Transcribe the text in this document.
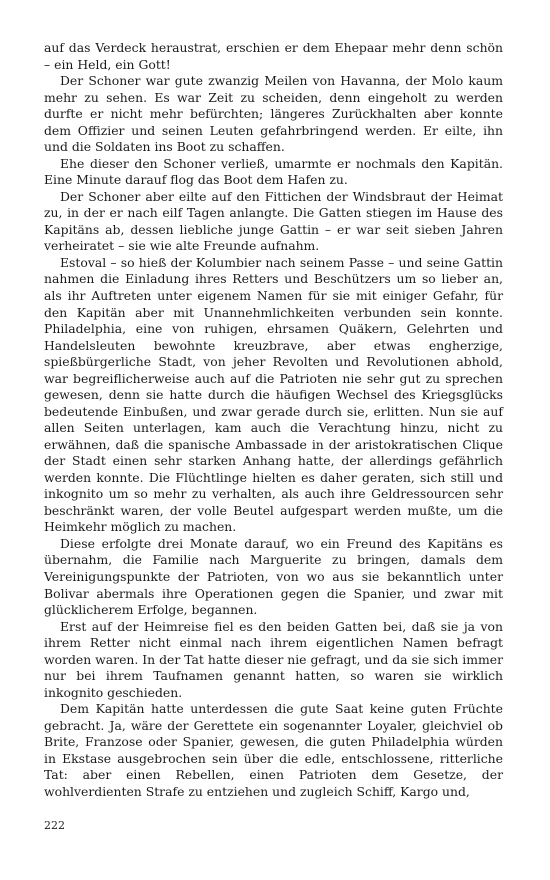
auf das Verdeck heraustrat, erschien er dem Ehepaar mehr denn schön – ein Held, ein Gott!

Der Schoner war gute zwanzig Meilen von Havanna, der Molo kaum mehr zu sehen. Es war Zeit zu scheiden, denn eingeholt zu werden durfte er nicht mehr befürchten; längeres Zurückhalten aber konnte dem Offizier und seinen Leuten gefahrbringend werden. Er eilte, ihn und die Soldaten ins Boot zu schaffen.

Ehe dieser den Schoner verließ, umarmte er nochmals den Kapitän. Eine Minute darauf flog das Boot dem Hafen zu.

Der Schoner aber eilte auf den Fittichen der Windsbraut der Heimat zu, in der er nach eilf Tagen anlangte. Die Gatten stiegen im Hause des Kapitäns ab, dessen liebliche junge Gattin – er war seit sieben Jahren verheiratet – sie wie alte Freunde aufnahm.

Estoval – so hieß der Kolumbier nach seinem Passe – und seine Gattin nahmen die Einladung ihres Retters und Beschützers um so lieber an, als ihr Auftreten unter eigenem Namen für sie mit einiger Gefahr, für den Kapitän aber mit Unannehmlichkeiten verbunden sein konnte. Philadelphia, eine von ruhigen, ehrsamen Quäkern, Gelehrten und Handelsleuten bewohnte kreuzbrave, aber etwas engherzige, spießbürgerliche Stadt, von jeher Revolten und Revolutionen abhold, war begreiflicherweise auch auf die Patrioten nie sehr gut zu sprechen gewesen, denn sie hatte durch die häufigen Wechsel des Kriegsglücks bedeutende Einbußen, und zwar gerade durch sie, erlitten. Nun sie auf allen Seiten unterlagen, kam auch die Verachtung hinzu, nicht zu erwähnen, daß die spanische Ambassade in der aristokratischen Clique der Stadt einen sehr starken Anhang hatte, der allerdings gefährlich werden konnte. Die Flüchtlinge hielten es daher geraten, sich still und inkognito um so mehr zu verhalten, als auch ihre Geldressourcen sehr beschränkt waren, der volle Beutel aufgespart werden mußte, um die Heimkehr möglich zu machen.

Diese erfolgte drei Monate darauf, wo ein Freund des Kapitäns es übernahm, die Familie nach Marguerite zu bringen, damals dem Vereinigungspunkte der Patrioten, von wo aus sie bekanntlich unter Bolivar abermals ihre Operationen gegen die Spanier, und zwar mit glücklicherem Erfolge, begannen.

Erst auf der Heimreise fiel es den beiden Gatten bei, daß sie ja von ihrem Retter nicht einmal nach ihrem eigentlichen Namen befragt worden waren. In der Tat hatte dieser nie gefragt, und da sie sich immer nur bei ihrem Taufnamen genannt hatten, so waren sie wirklich inkognito geschieden.

Dem Kapitän hatte unterdessen die gute Saat keine guten Früchte gebracht. Ja, wäre der Gerettete ein sogenannter Loyaler, gleichviel ob Brite, Franzose oder Spanier, gewesen, die guten Philadelphia würden in Ekstase ausgebrochen sein über die edle, entschlossene, ritterliche Tat: aber einen Rebellen, einen Patrioten dem Gesetze, der wohlverdienten Strafe zu entziehen und zugleich Schiff, Kargo und,

222
